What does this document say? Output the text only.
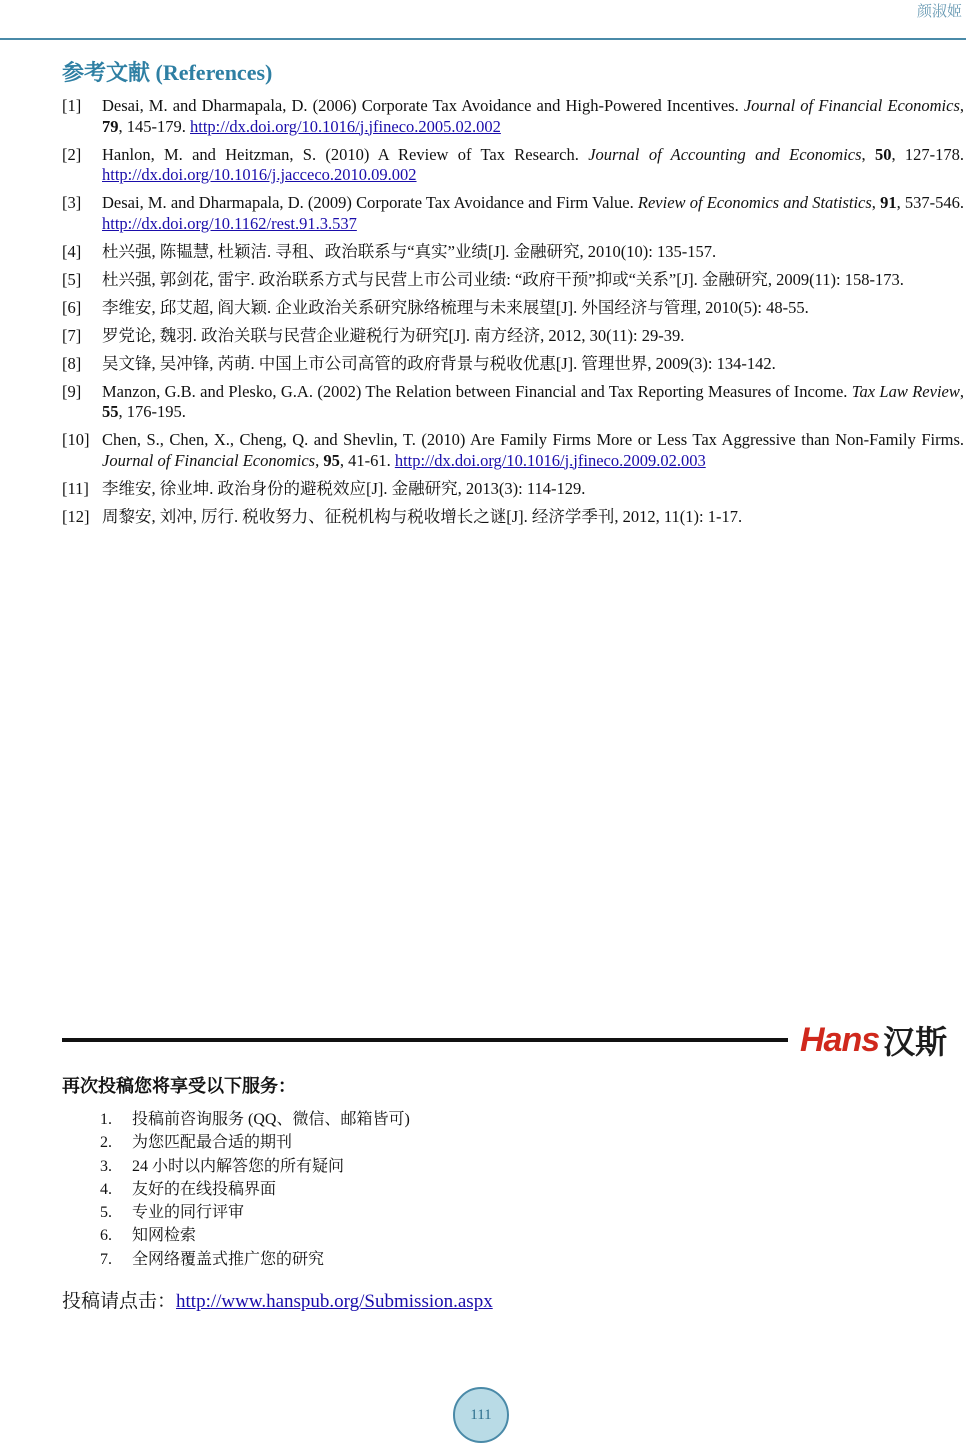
颜淑姬
参考文献 (References)
[1]	Desai, M. and Dharmapala, D. (2006) Corporate Tax Avoidance and High-Powered Incentives. Journal of Financial Economics, 79, 145-179. http://dx.doi.org/10.1016/j.jfineco.2005.02.002
[2]	Hanlon, M. and Heitzman, S. (2010) A Review of Tax Research. Journal of Accounting and Economics, 50, 127-178. http://dx.doi.org/10.1016/j.jacceco.2010.09.002
[3]	Desai, M. and Dharmapala, D. (2009) Corporate Tax Avoidance and Firm Value. Review of Economics and Statistics, 91, 537-546. http://dx.doi.org/10.1162/rest.91.3.537
[4]	杜兴强, 陈韫慧, 杜颖洁. 寻租、政治联系与“真实”业绩[J]. 金融研究, 2010(10): 135-157.
[5]	杜兴强, 郭剑花, 雷宇. 政治联系方式与民营上市公司业绩: “政府干预”抑或“关系”[J]. 金融研究, 2009(11): 158-173.
[6]	李维安, 邱艾超, 阎大颖. 企业政治关系研究脉络梳理与未来展望[J]. 外国经济与管理, 2010(5): 48-55.
[7]	罗党论, 魏羽. 政治关联与民营企业避税行为研究[J]. 南方经济, 2012, 30(11): 29-39.
[8]	吴文锋, 吴冲锋, 芮萌. 中国上市公司高管的政府背景与税收优惠[J]. 管理世界, 2009(3): 134-142.
[9]	Manzon, G.B. and Plesko, G.A. (2002) The Relation between Financial and Tax Reporting Measures of Income. Tax Law Review, 55, 176-195.
[10] Chen, S., Chen, X., Cheng, Q. and Shevlin, T. (2010) Are Family Firms More or Less Tax Aggressive than Non-Family Firms. Journal of Financial Economics, 95, 41-61. http://dx.doi.org/10.1016/j.jfineco.2009.02.003
[11] 李维安, 徐业坤. 政治身份的避税效应[J]. 金融研究, 2013(3): 114-129.
[12] 周黎安, 刘冲, 厉行. 税收努力、征税机构与税收增长之谜[J]. 经济学季刊, 2012, 11(1): 1-17.
Hans 汉斯
再次投稿您将享受以下服务：
1.	投稿前咨询服务 (QQ、微信、邮箱皆可)
2.	为您匹配最合适的期刊
3.	24 小时以内解答您的所有疑问
4.	友好的在线投稿界面
5.	专业的同行评审
6.	知网检索
7.	全网络覆盖式推广您的研究
投稿请点击：http://www.hanspub.org/Submission.aspx
111
